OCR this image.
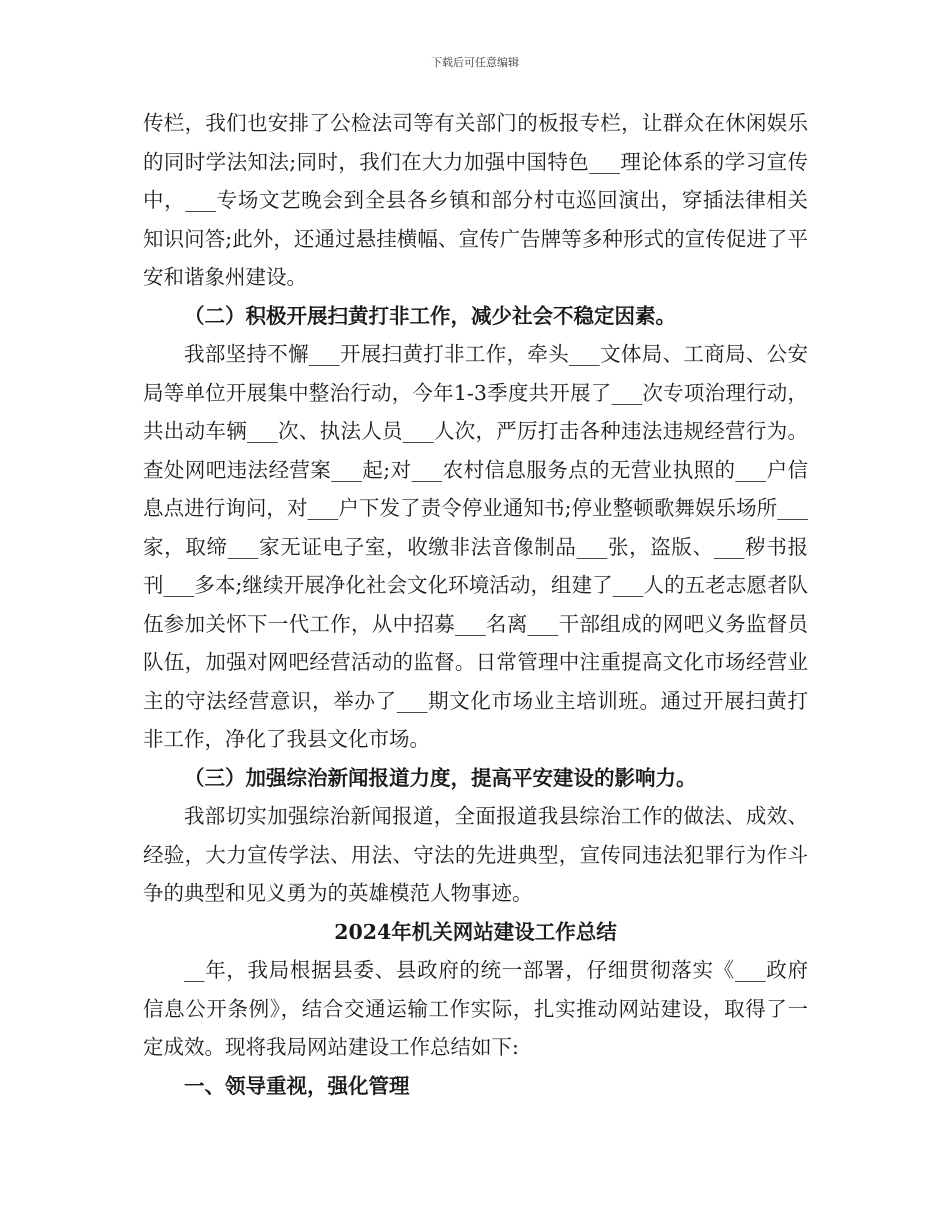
下载后可任意编辑

传栏，我们也安排了公检法司等有关部门的板报专栏，让群众在休闲娱乐的同时学法知法;同时，我们在大力加强中国特色___理论体系的学习宣传中，___专场文艺晚会到全县各乡镇和部分村屯巡回演出，穿插法律相关知识问答;此外，还通过悬挂横幅、宣传广告牌等多种形式的宣传促进了平安和谐象州建设。

（二）积极开展扫黄打非工作，减少社会不稳定因素。

我部坚持不懈___开展扫黄打非工作，牵头___文体局、工商局、公安局等单位开展集中整治行动，今年1-3季度共开展了___次专项治理行动，共出动车辆___次、执法人员___人次，严厉打击各种违法违规经营行为。查处网吧违法经营案___起;对___农村信息服务点的无营业执照的___户信息点进行询问，对___户下发了责令停业通知书;停业整顿歌舞娱乐场所___家，取缔___家无证电子室，收缴非法音像制品___张，盗版、___秽书报刊___多本;继续开展净化社会文化环境活动，组建了___人的五老志愿者队伍参加关怀下一代工作，从中招募___名离___干部组成的网吧义务监督员队伍，加强对网吧经营活动的监督。日常管理中注重提高文化市场经营业主的守法经营意识，举办了___期文化市场业主培训班。通过开展扫黄打非工作，净化了我县文化市场。

（三）加强综治新闻报道力度，提高平安建设的影响力。

我部切实加强综治新闻报道，全面报道我县综治工作的做法、成效、经验，大力宣传学法、用法、守法的先进典型，宣传同违法犯罪行为作斗争的典型和见义勇为的英雄模范人物事迹。

2024年机关网站建设工作总结

__年，我局根据县委、县政府的统一部署，仔细贯彻落实《___政府信息公开条例》，结合交通运输工作实际，扎实推动网站建设，取得了一定成效。现将我局网站建设工作总结如下:

一、领导重视，强化管理
